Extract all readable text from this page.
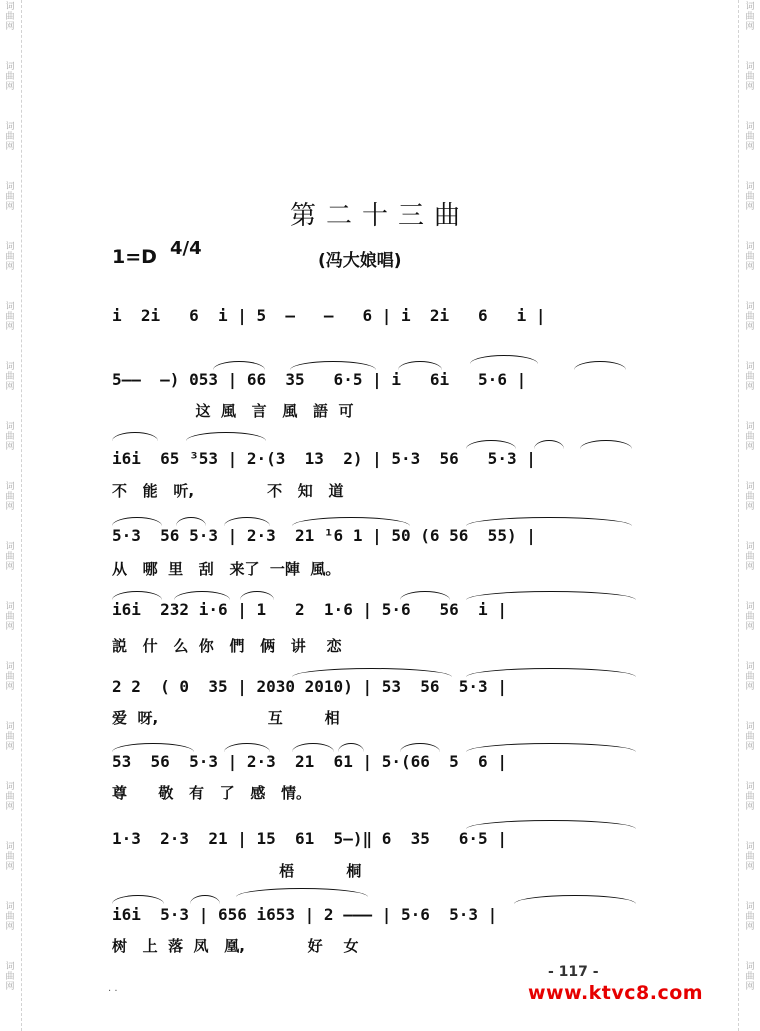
词
曲
网
词
曲
网
词
曲
网
词
曲
网
词
曲
网
词
曲
网
词
曲
网
词
曲
网
词
曲
网
词
曲
网
词
曲
网
词
曲
网
词
曲
网
词
曲
网
词
曲
网
词
曲
网
词
曲
网
词
曲
网
词
曲
网
词
曲
网
词
曲
网
词
曲
网
词
曲
网
词
曲
网
词
曲
网
词
曲
网
词
曲
网
词
曲
网
词
曲
网
词
曲
网
词
曲
网
词
曲
网
词
曲
网
词
曲
网
第二十三曲
1=D 4/4
(冯大娘唱)
i  2i   6  i | 5  —   —   6 | i  2i   6   i |
5——  —) 053 | 66  35   6·5 | i   6i   5·6 |
这  風   言   風   語  可
i6i  65 ³53 | 2·(3  13  2) | 5·3  56   5·3 |
不   能   听,              不   知   道
5·3  56 5·3 | 2·3  21 ¹6 1 | 50 (6 56  55) |
从   哪  里   刮   来了  一陣  風。
i6i  232 i·6 | 1   2  1·6 | 5·6   56  i |
説   什   么  你   們   俩   讲    恋
2 2  ( 0  35 | 2030 2010) | 53  56  5·3 |
爱  呀,                     互        相
53  56  5·3 | 2·3  21  61 | 5·(66  5  6 |
尊      敬   有   了   感   情。
1·3  2·3  21 | 15  61  5—)‖ 6  35   6·5 |
梧          桐
i6i  5·3 | 656 i653 | 2 ——— | 5·6  5·3 |
树   上  落  凤   凰,            好    女
- 117 -
· ·	www.ktvc8.com
